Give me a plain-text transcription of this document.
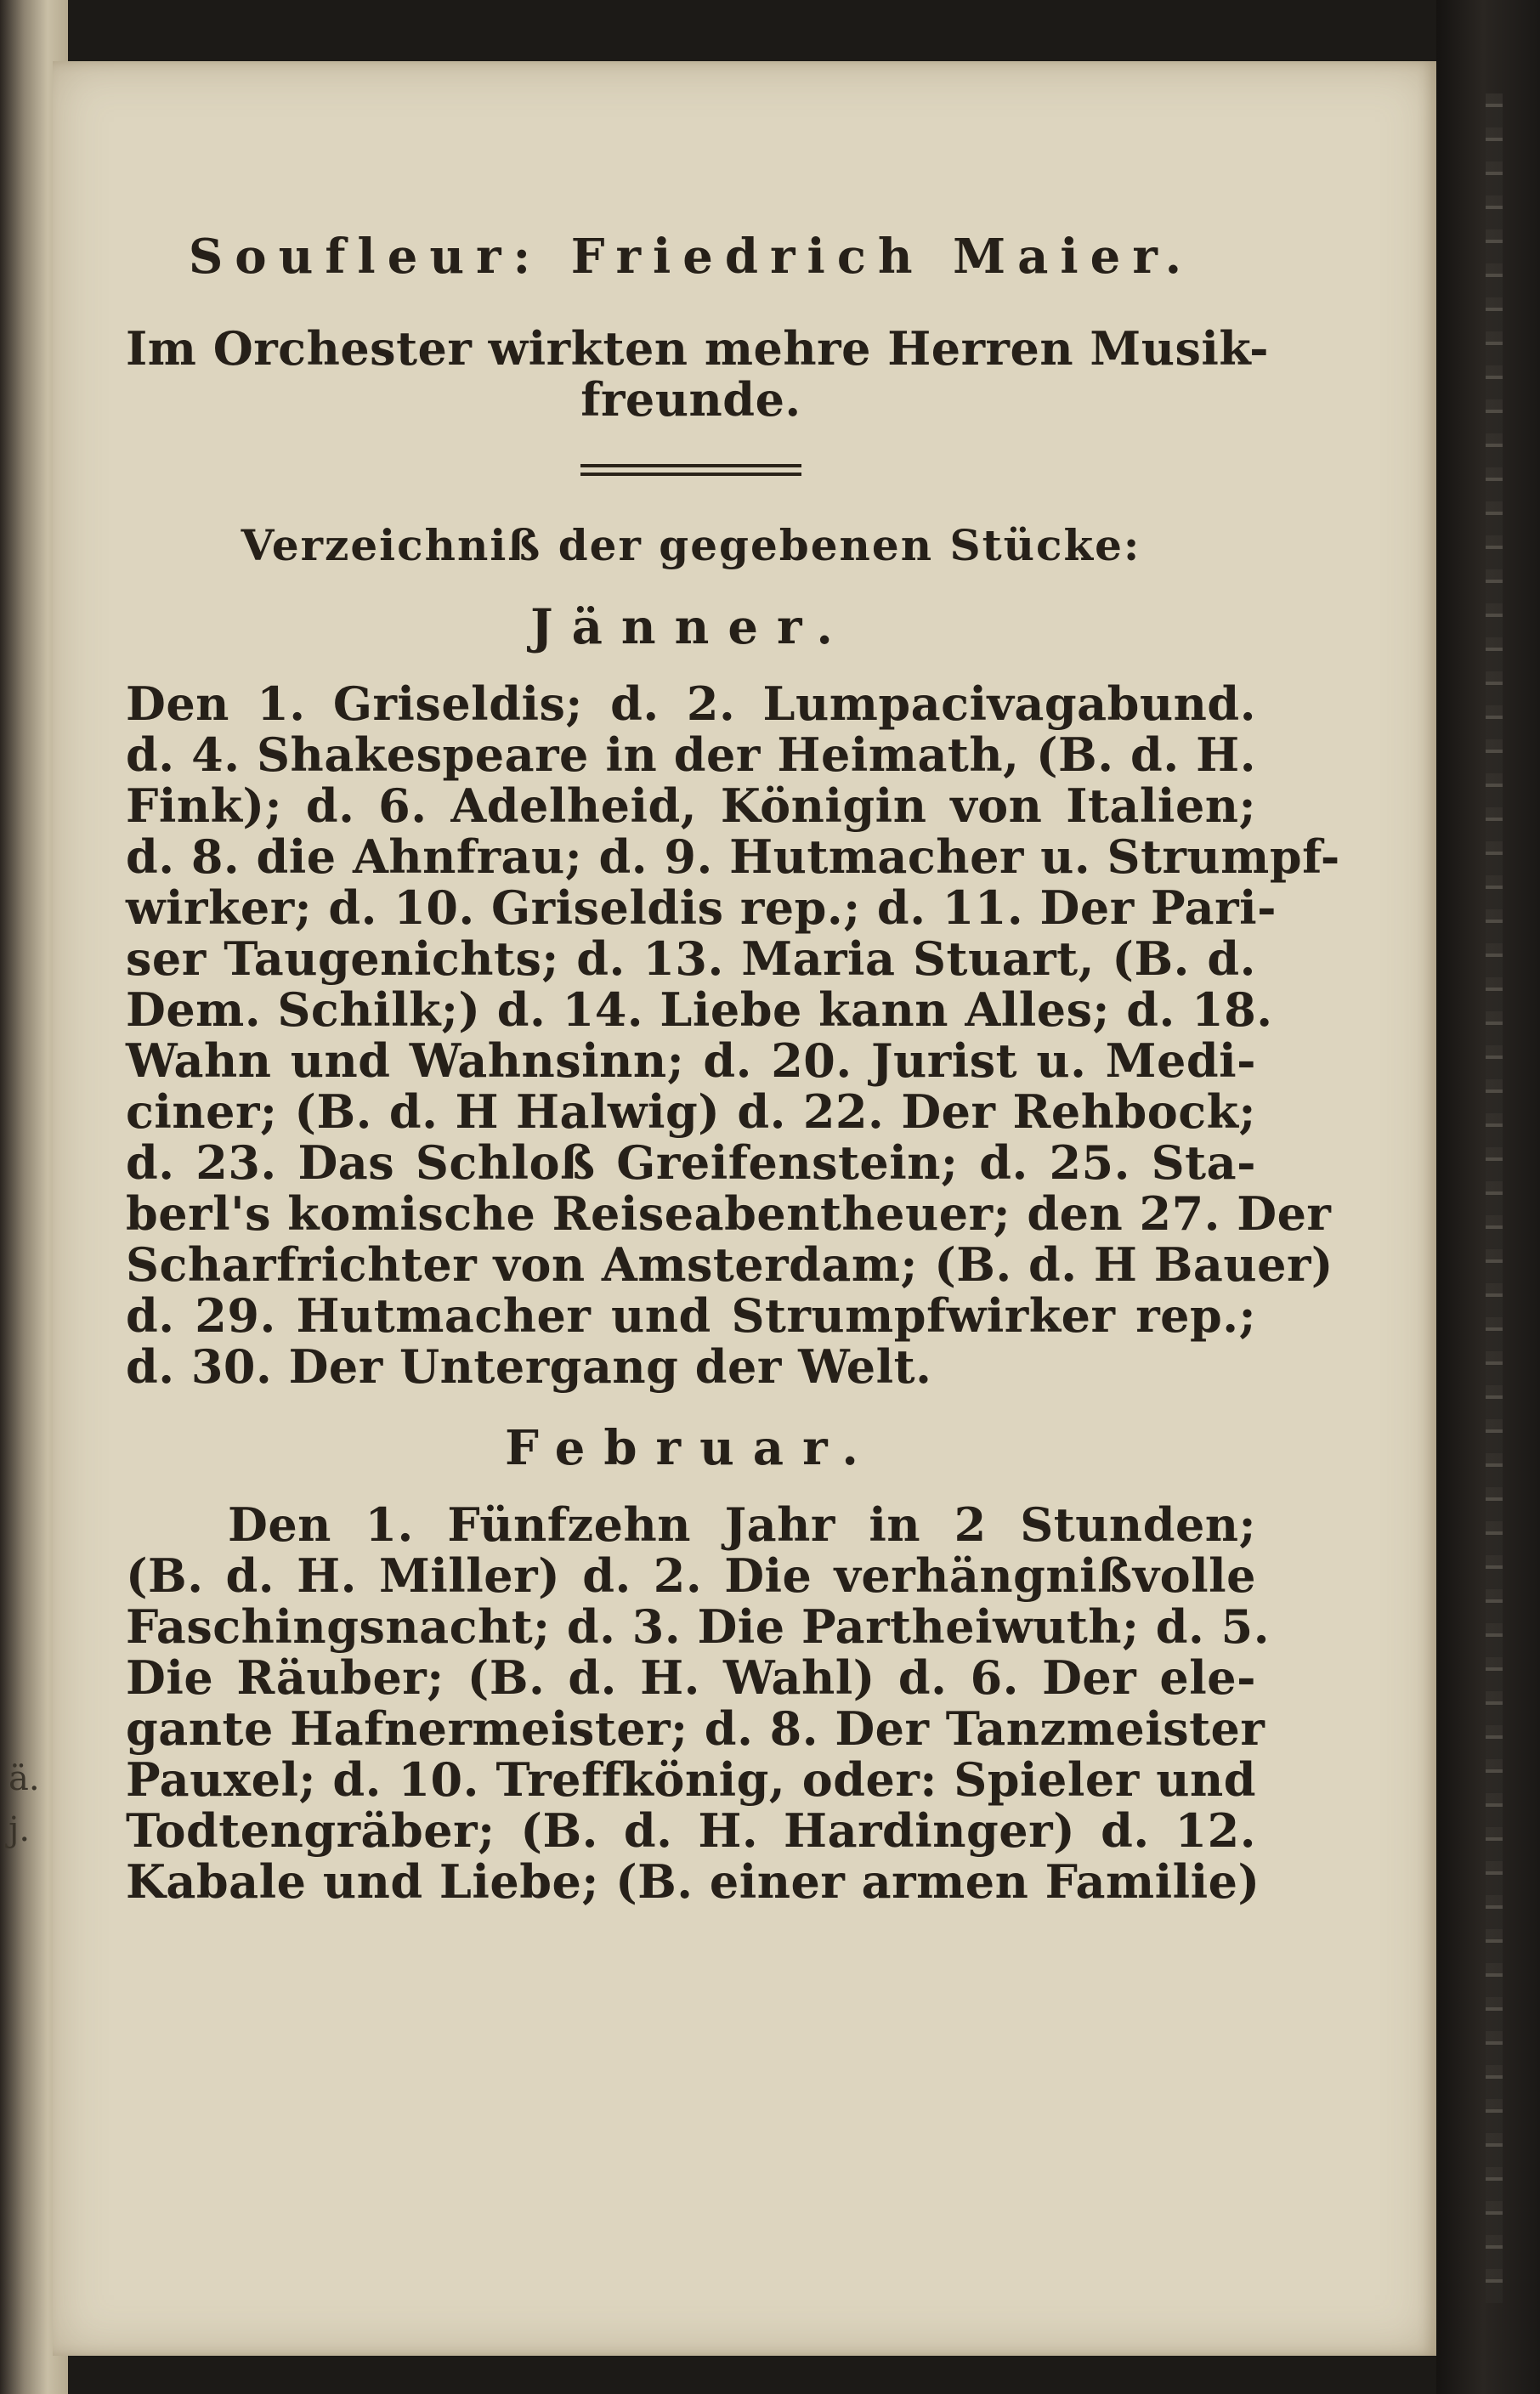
ä.
j.
Soufleur: Friedrich Maier.
Im Orchester wirkten mehre Herren Musik-
freunde.
Verzeichniß der gegebenen Stücke:
Jänner.
Den 1. Griseldis; d. 2. Lumpacivagabund.
d. 4. Shakespeare in der Heimath, (B. d. H.
Fink); d. 6. Adelheid, Königin von Italien;
d. 8. die Ahnfrau; d. 9. Hutmacher u. Strumpf-
wirker; d. 10. Griseldis rep.; d. 11. Der Pari-
ser Taugenichts; d. 13. Maria Stuart, (B. d.
Dem. Schilk;) d. 14. Liebe kann Alles; d. 18.
Wahn und Wahnsinn; d. 20. Jurist u. Medi-
ciner; (B. d. H Halwig) d. 22. Der Rehbock;
d. 23. Das Schloß Greifenstein; d. 25. Sta-
berl's komische Reiseabentheuer; den 27. Der
Scharfrichter von Amsterdam; (B. d. H Bauer)
d. 29. Hutmacher und Strumpfwirker rep.;
d. 30. Der Untergang der Welt.
Februar.
Den 1. Fünfzehn Jahr in 2 Stunden;
(B. d. H. Miller) d. 2. Die verhängnißvolle
Faschingsnacht; d. 3. Die Partheiwuth; d. 5.
Die Räuber; (B. d. H. Wahl) d. 6. Der ele-
gante Hafnermeister; d. 8. Der Tanzmeister
Pauxel; d. 10. Treffkönig, oder: Spieler und
Todtengräber; (B. d. H. Hardinger) d. 12.
Kabale und Liebe; (B. einer armen Familie)
